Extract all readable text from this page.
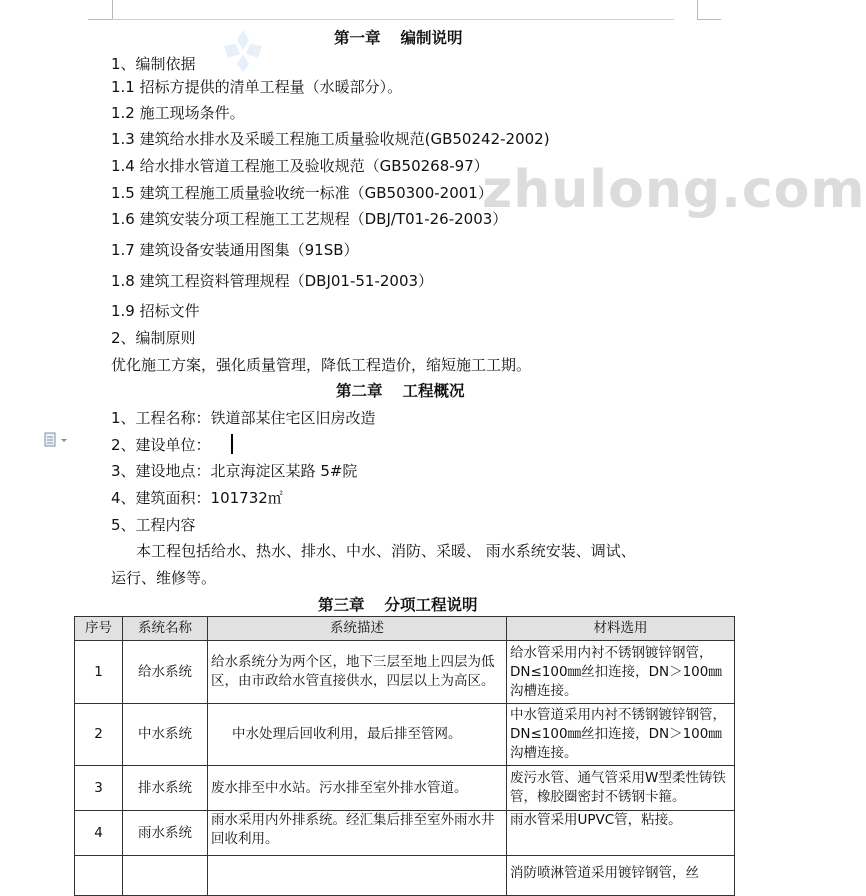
zhulong.com
第一章 编制说明
1、编制依据
1.1 招标方提供的清单工程量（水暖部分）。
1.2 施工现场条件。
1.3 建筑给水排水及采暖工程施工质量验收规范(GB50242-2002)
1.4 给水排水管道工程施工及验收规范（GB50268-97）
1.5 建筑工程施工质量验收统一标准（GB50300-2001）
1.6 建筑安装分项工程施工工艺规程（DBJ/T01-26-2003）
1.7 建筑设备安装通用图集（91SB）
1.8 建筑工程资料管理规程（DBJ01-51-2003）
1.9 招标文件
2、编制原则
优化施工方案，强化质量管理，降低工程造价，缩短施工工期。
第二章 工程概况
1、工程名称：铁道部某住宅区旧房改造
2、建设单位：
3、建设地点：北京海淀区某路 5#院
4、建筑面积：101732㎡
5、工程内容
本工程包括给水、热水、排水、中水、消防、采暖、 雨水系统安装、调试、
运行、维修等。
第三章 分项工程说明
序号	系统名称	系统描述	材料选用
1	给水系统	给水系统分为两个区，地下三层至地上四层为低区，由市政给水管直接供水，四层以上为高区。	给水管采用内衬不锈钢镀锌钢管，DN≤100㎜丝扣连接，DN＞100㎜沟槽连接。
2	中水系统	中水处理后回收利用，最后排至管网。	中水管道采用内衬不锈钢镀锌钢管，DN≤100㎜丝扣连接，DN＞100㎜沟槽连接。
3	排水系统	废水排至中水站。污水排至室外排水管道。	废污水管、通气管采用W型柔性铸铁管，橡胶圈密封不锈钢卡箍。
4	雨水系统	雨水采用内外排系统。经汇集后排至室外雨水井回收利用。	雨水管采用UPVC管，粘接。
			消防喷淋管道采用镀锌钢管，丝
